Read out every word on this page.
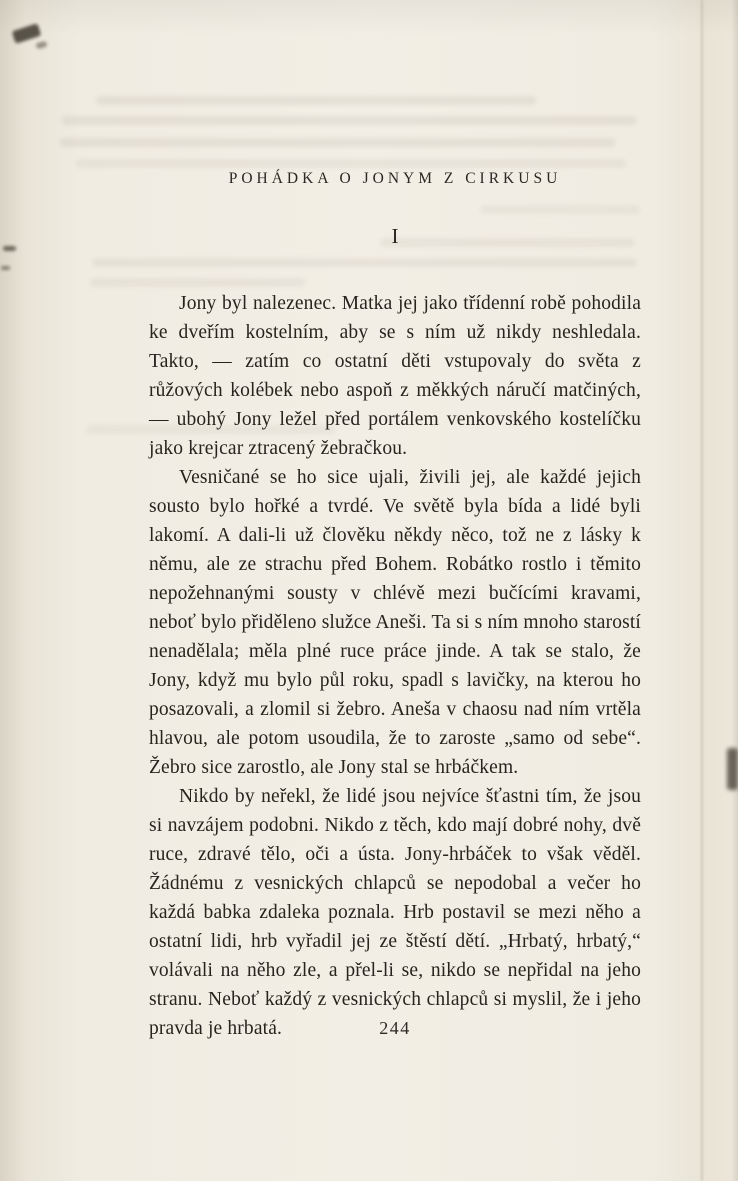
POHÁDKA O JONYM Z CIRKUSU
I

Jony byl nalezenec. Matka jej jako třídenní robě pohodila ke dveřím kostelním, aby se s ním už nikdy neshledala. Takto, — zatím co ostatní děti vstupovaly do světa z růžových kolébek nebo aspoň z měkkých náručí matčiných, — ubohý Jony ležel před portálem venkovského kostelíčku jako krejcar ztracený žebračkou.

Vesničané se ho sice ujali, živili jej, ale každé jejich sousto bylo hořké a tvrdé. Ve světě byla bída a lidé byli lakomí. A dali-li už člověku někdy něco, tož ne z lásky k němu, ale ze strachu před Bohem. Robátko rostlo i těmito nepožehnanými sousty v chlévě mezi bučícími kravami, neboť bylo přiděleno služce Aneši. Ta si s ním mnoho starostí nenadělala; měla plné ruce práce jinde. A tak se stalo, že Jony, když mu bylo půl roku, spadl s lavičky, na kterou ho posazovali, a zlomil si žebro. Aneša v chaosu nad ním vrtěla hlavou, ale potom usoudila, že to zaroste „samo od sebe“. Žebro sice zarostlo, ale Jony stal se hrbáčkem.

Nikdo by neřekl, že lidé jsou nejvíce šťastni tím, že jsou si navzájem podobni. Nikdo z těch, kdo mají dobré nohy, dvě ruce, zdravé tělo, oči a ústa. Jony-hrbáček to však věděl. Žádnému z vesnických chlapců se nepodobal a večer ho každá babka zdaleka poznala. Hrb postavil se mezi něho a ostatní lidi, hrb vyřadil jej ze štěstí dětí. „Hrbatý, hrbatý,“ volávali na něho zle, a přel-li se, nikdo se nepřidal na jeho stranu. Neboť každý z vesnických chlapců si myslil, že i jeho pravda je hrbatá.	244
